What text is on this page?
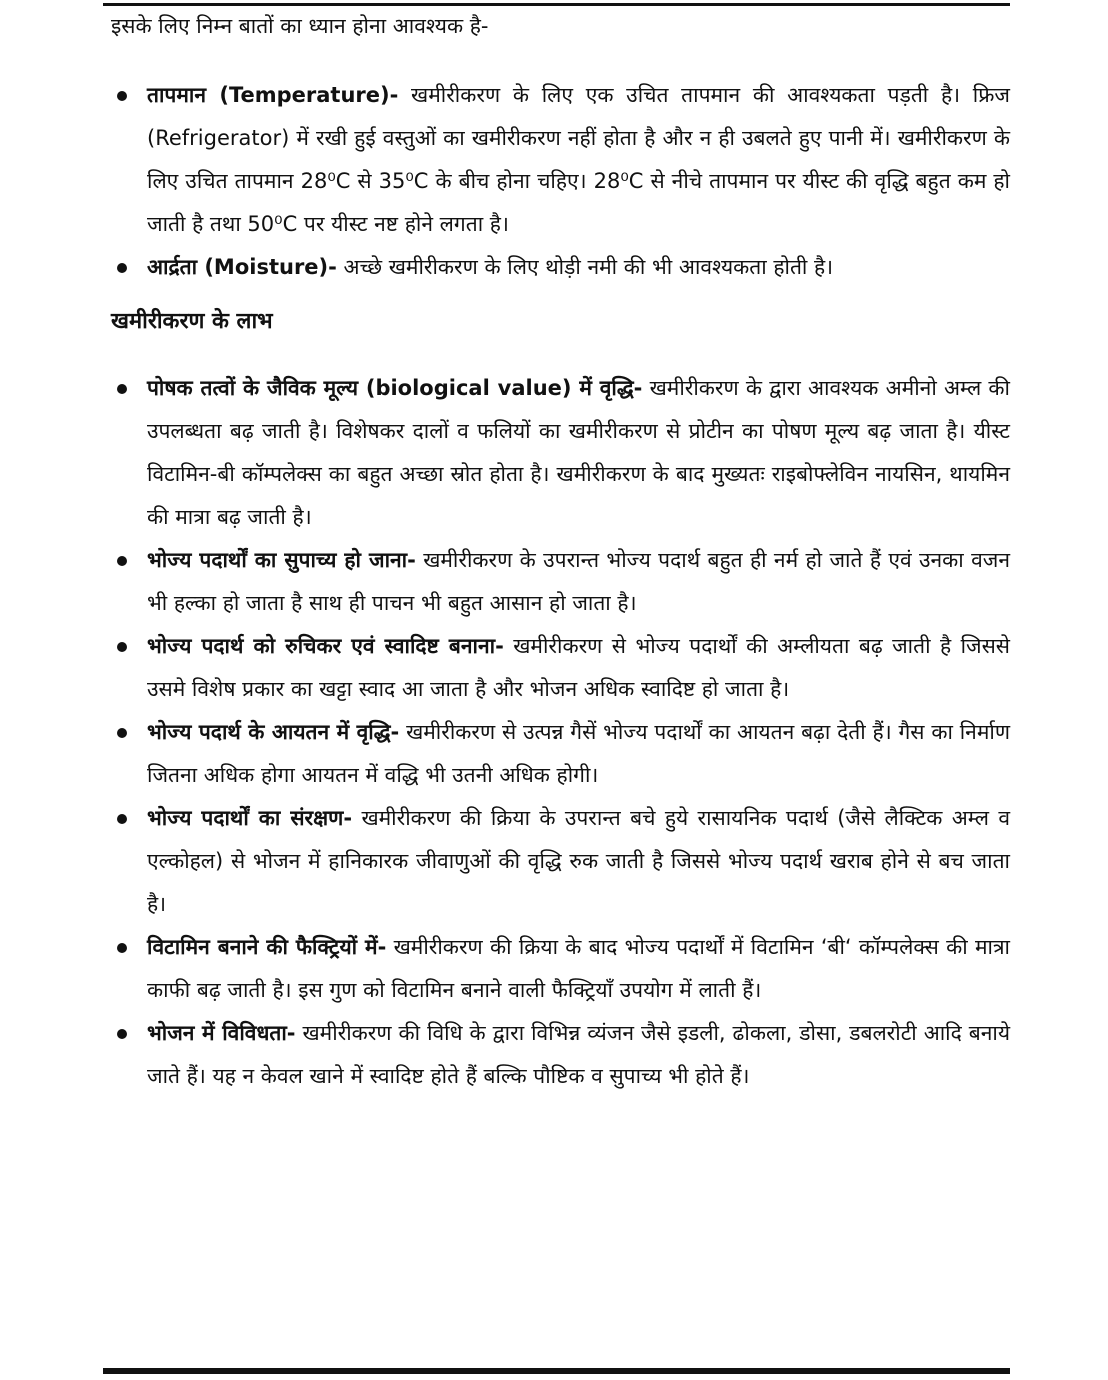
इसके लिए निम्न बातों का ध्यान होना आवश्यक है-

तापमान (Temperature)- खमीरीकरण के लिए एक उचित तापमान की आवश्यकता पड़ती है। फ्रिज (Refrigerator) में रखी हुई वस्तुओं का खमीरीकरण नहीं होता है और न ही उबलते हुए पानी में। खमीरीकरण के लिए उचित तापमान 28⁰C से 35⁰C के बीच होना चहिए। 28⁰C से नीचे तापमान पर यीस्ट की वृद्धि बहुत कम हो जाती है तथा 50⁰C पर यीस्ट नष्ट होने लगता है।
आर्द्रता (Moisture)- अच्छे खमीरीकरण के लिए थोड़ी नमी की भी आवश्यकता होती है।
खमीरीकरण के लाभ
पोषक तत्वों के जैविक मूल्य (biological value) में वृद्धि- खमीरीकरण के द्वारा आवश्यक अमीनो अम्ल की उपलब्धता बढ़ जाती है। विशेषकर दालों व फलियों का खमीरीकरण से प्रोटीन का पोषण मूल्य बढ़ जाता है। यीस्ट विटामिन-बी कॉम्पलेक्स का बहुत अच्छा स्रोत होता है। खमीरीकरण के बाद मुख्यतः राइबोफ्लेविन नायसिन, थायमिन की मात्रा बढ़ जाती है।
भोज्य पदार्थों का सुपाच्य हो जाना- खमीरीकरण के उपरान्त भोज्य पदार्थ बहुत ही नर्म हो जाते हैं एवं उनका वजन भी हल्का हो जाता है साथ ही पाचन भी बहुत आसान हो जाता है।
भोज्य पदार्थ को रुचिकर एवं स्वादिष्ट बनाना- खमीरीकरण से भोज्य पदार्थों की अम्लीयता बढ़ जाती है जिससे उसमे विशेष प्रकार का खट्टा स्वाद आ जाता है और भोजन अधिक स्वादिष्ट हो जाता है।
भोज्य पदार्थ के आयतन में वृद्धि- खमीरीकरण से उत्पन्न गैसें भोज्य पदार्थों का आयतन बढ़ा देती हैं। गैस का निर्माण जितना अधिक होगा आयतन में वद्धि भी उतनी अधिक होगी।
भोज्य पदार्थों का संरक्षण- खमीरीकरण की क्रिया के उपरान्त बचे हुये रासायनिक पदार्थ (जैसे लैक्टिक अम्ल व एल्कोहल) से भोजन में हानिकारक जीवाणुओं की वृद्धि रुक जाती है जिससे भोज्य पदार्थ खराब होने से बच जाता है।
विटामिन बनाने की फैक्ट्रियों में- खमीरीकरण की क्रिया के बाद भोज्य पदार्थों में विटामिन ‘बी‘ कॉम्पलेक्स की मात्रा काफी बढ़ जाती है। इस गुण को विटामिन बनाने वाली फैक्ट्रियाँ उपयोग में लाती हैं।
भोजन में विविधता- खमीरीकरण की विधि के द्वारा विभिन्न व्यंजन जैसे इडली, ढोकला, डोसा, डबलरोटी आदि बनाये जाते हैं। यह न केवल खाने में स्वादिष्ट होते हैं बल्कि पौष्टिक व सुपाच्य भी होते हैं।
